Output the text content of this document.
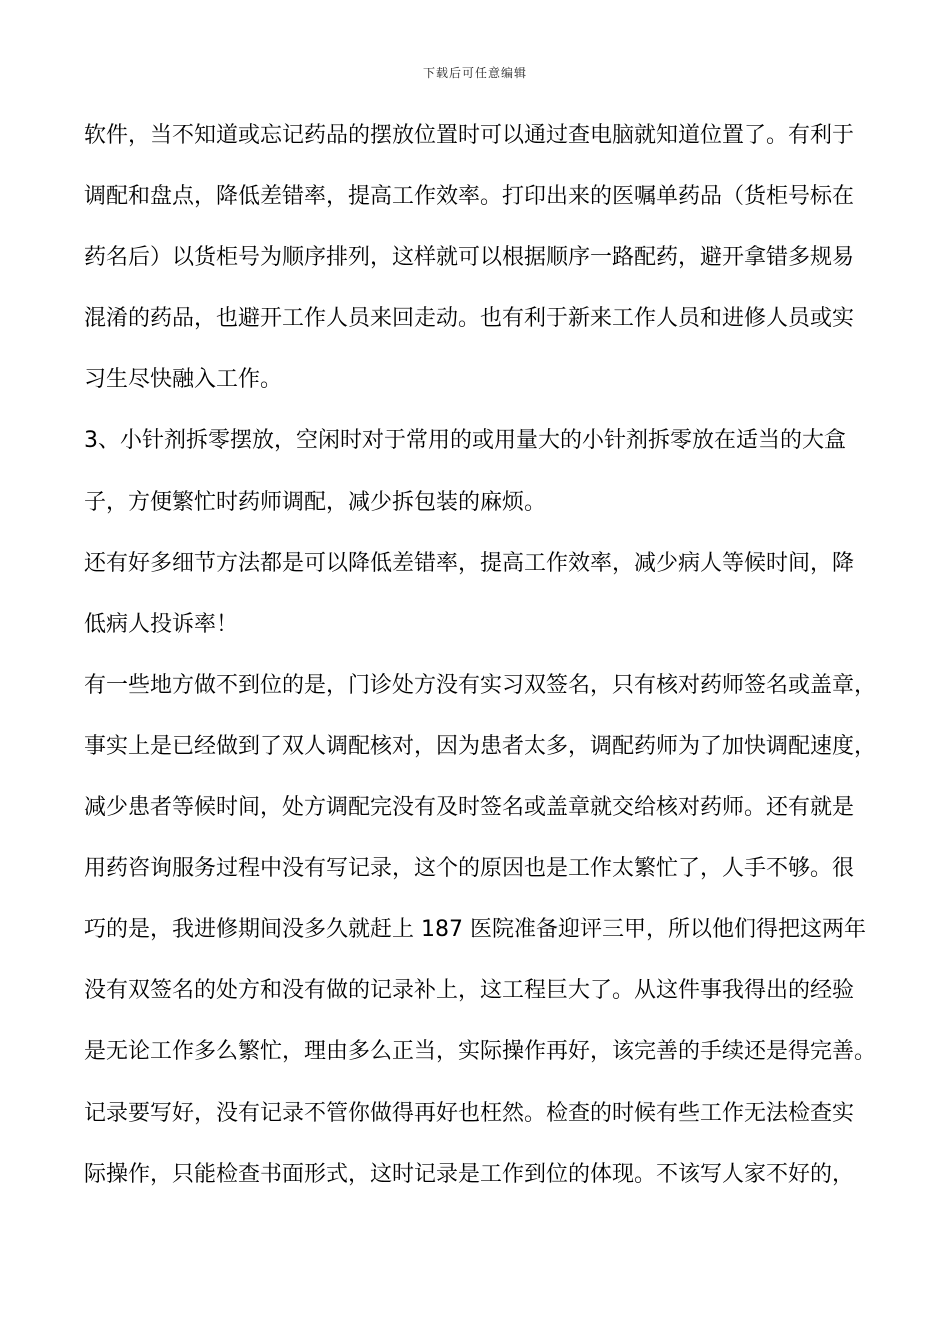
下载后可任意编辑
软件，当不知道或忘记药品的摆放位置时可以通过查电脑就知道位置了。有利于
调配和盘点，降低差错率，提高工作效率。打印出来的医嘱单药品（货柜号标在
药名后）以货柜号为顺序排列，这样就可以根据顺序一路配药，避开拿错多规易
混淆的药品，也避开工作人员来回走动。也有利于新来工作人员和进修人员或实
习生尽快融入工作。
3、小针剂拆零摆放，空闲时对于常用的或用量大的小针剂拆零放在适当的大盒
子，方便繁忙时药师调配，减少拆包装的麻烦。
还有好多细节方法都是可以降低差错率，提高工作效率，减少病人等候时间，降
低病人投诉率！
有一些地方做不到位的是，门诊处方没有实习双签名，只有核对药师签名或盖章，
事实上是已经做到了双人调配核对，因为患者太多，调配药师为了加快调配速度，
减少患者等候时间，处方调配完没有及时签名或盖章就交给核对药师。还有就是
用药咨询服务过程中没有写记录，这个的原因也是工作太繁忙了，人手不够。很
巧的是，我进修期间没多久就赶上 187 医院准备迎评三甲，所以他们得把这两年
没有双签名的处方和没有做的记录补上，这工程巨大了。从这件事我得出的经验
是无论工作多么繁忙，理由多么正当，实际操作再好，该完善的手续还是得完善。
记录要写好，没有记录不管你做得再好也枉然。检查的时候有些工作无法检查实
际操作，只能检查书面形式，这时记录是工作到位的体现。不该写人家不好的，
